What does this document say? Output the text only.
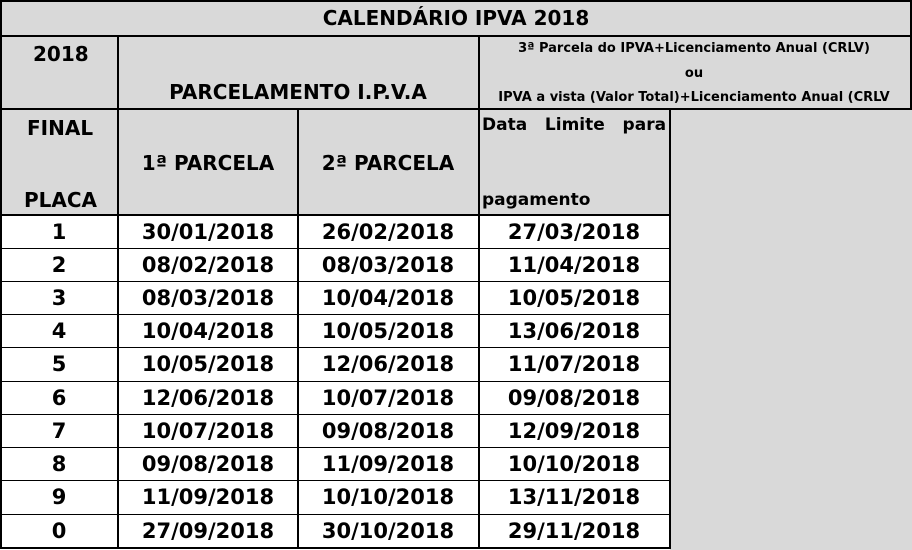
CALENDÁRIO IPVA 2018
2018
PARCELAMENTO I.P.V.A
3ª Parcela do IPVA+Licenciamento Anual (CRLV)
ou
IPVA a vista (Valor Total)+Licenciamento Anual (CRLV
FINAL
PLACA
1ª PARCELA 2ª PARCELA
Data   Limite   para
pagamento
1	30/01/2018 26/02/2018	27/03/2018
2	08/02/2018 08/03/2018	11/04/2018
3	08/03/2018 10/04/2018	10/05/2018
4	10/04/2018 10/05/2018	13/06/2018
5	10/05/2018 12/06/2018	11/07/2018
6	12/06/2018 10/07/2018	09/08/2018
7	10/07/2018 09/08/2018	12/09/2018
8	09/08/2018 11/09/2018	10/10/2018
9	11/09/2018 10/10/2018	13/11/2018
0	27/09/2018 30/10/2018	29/11/2018
